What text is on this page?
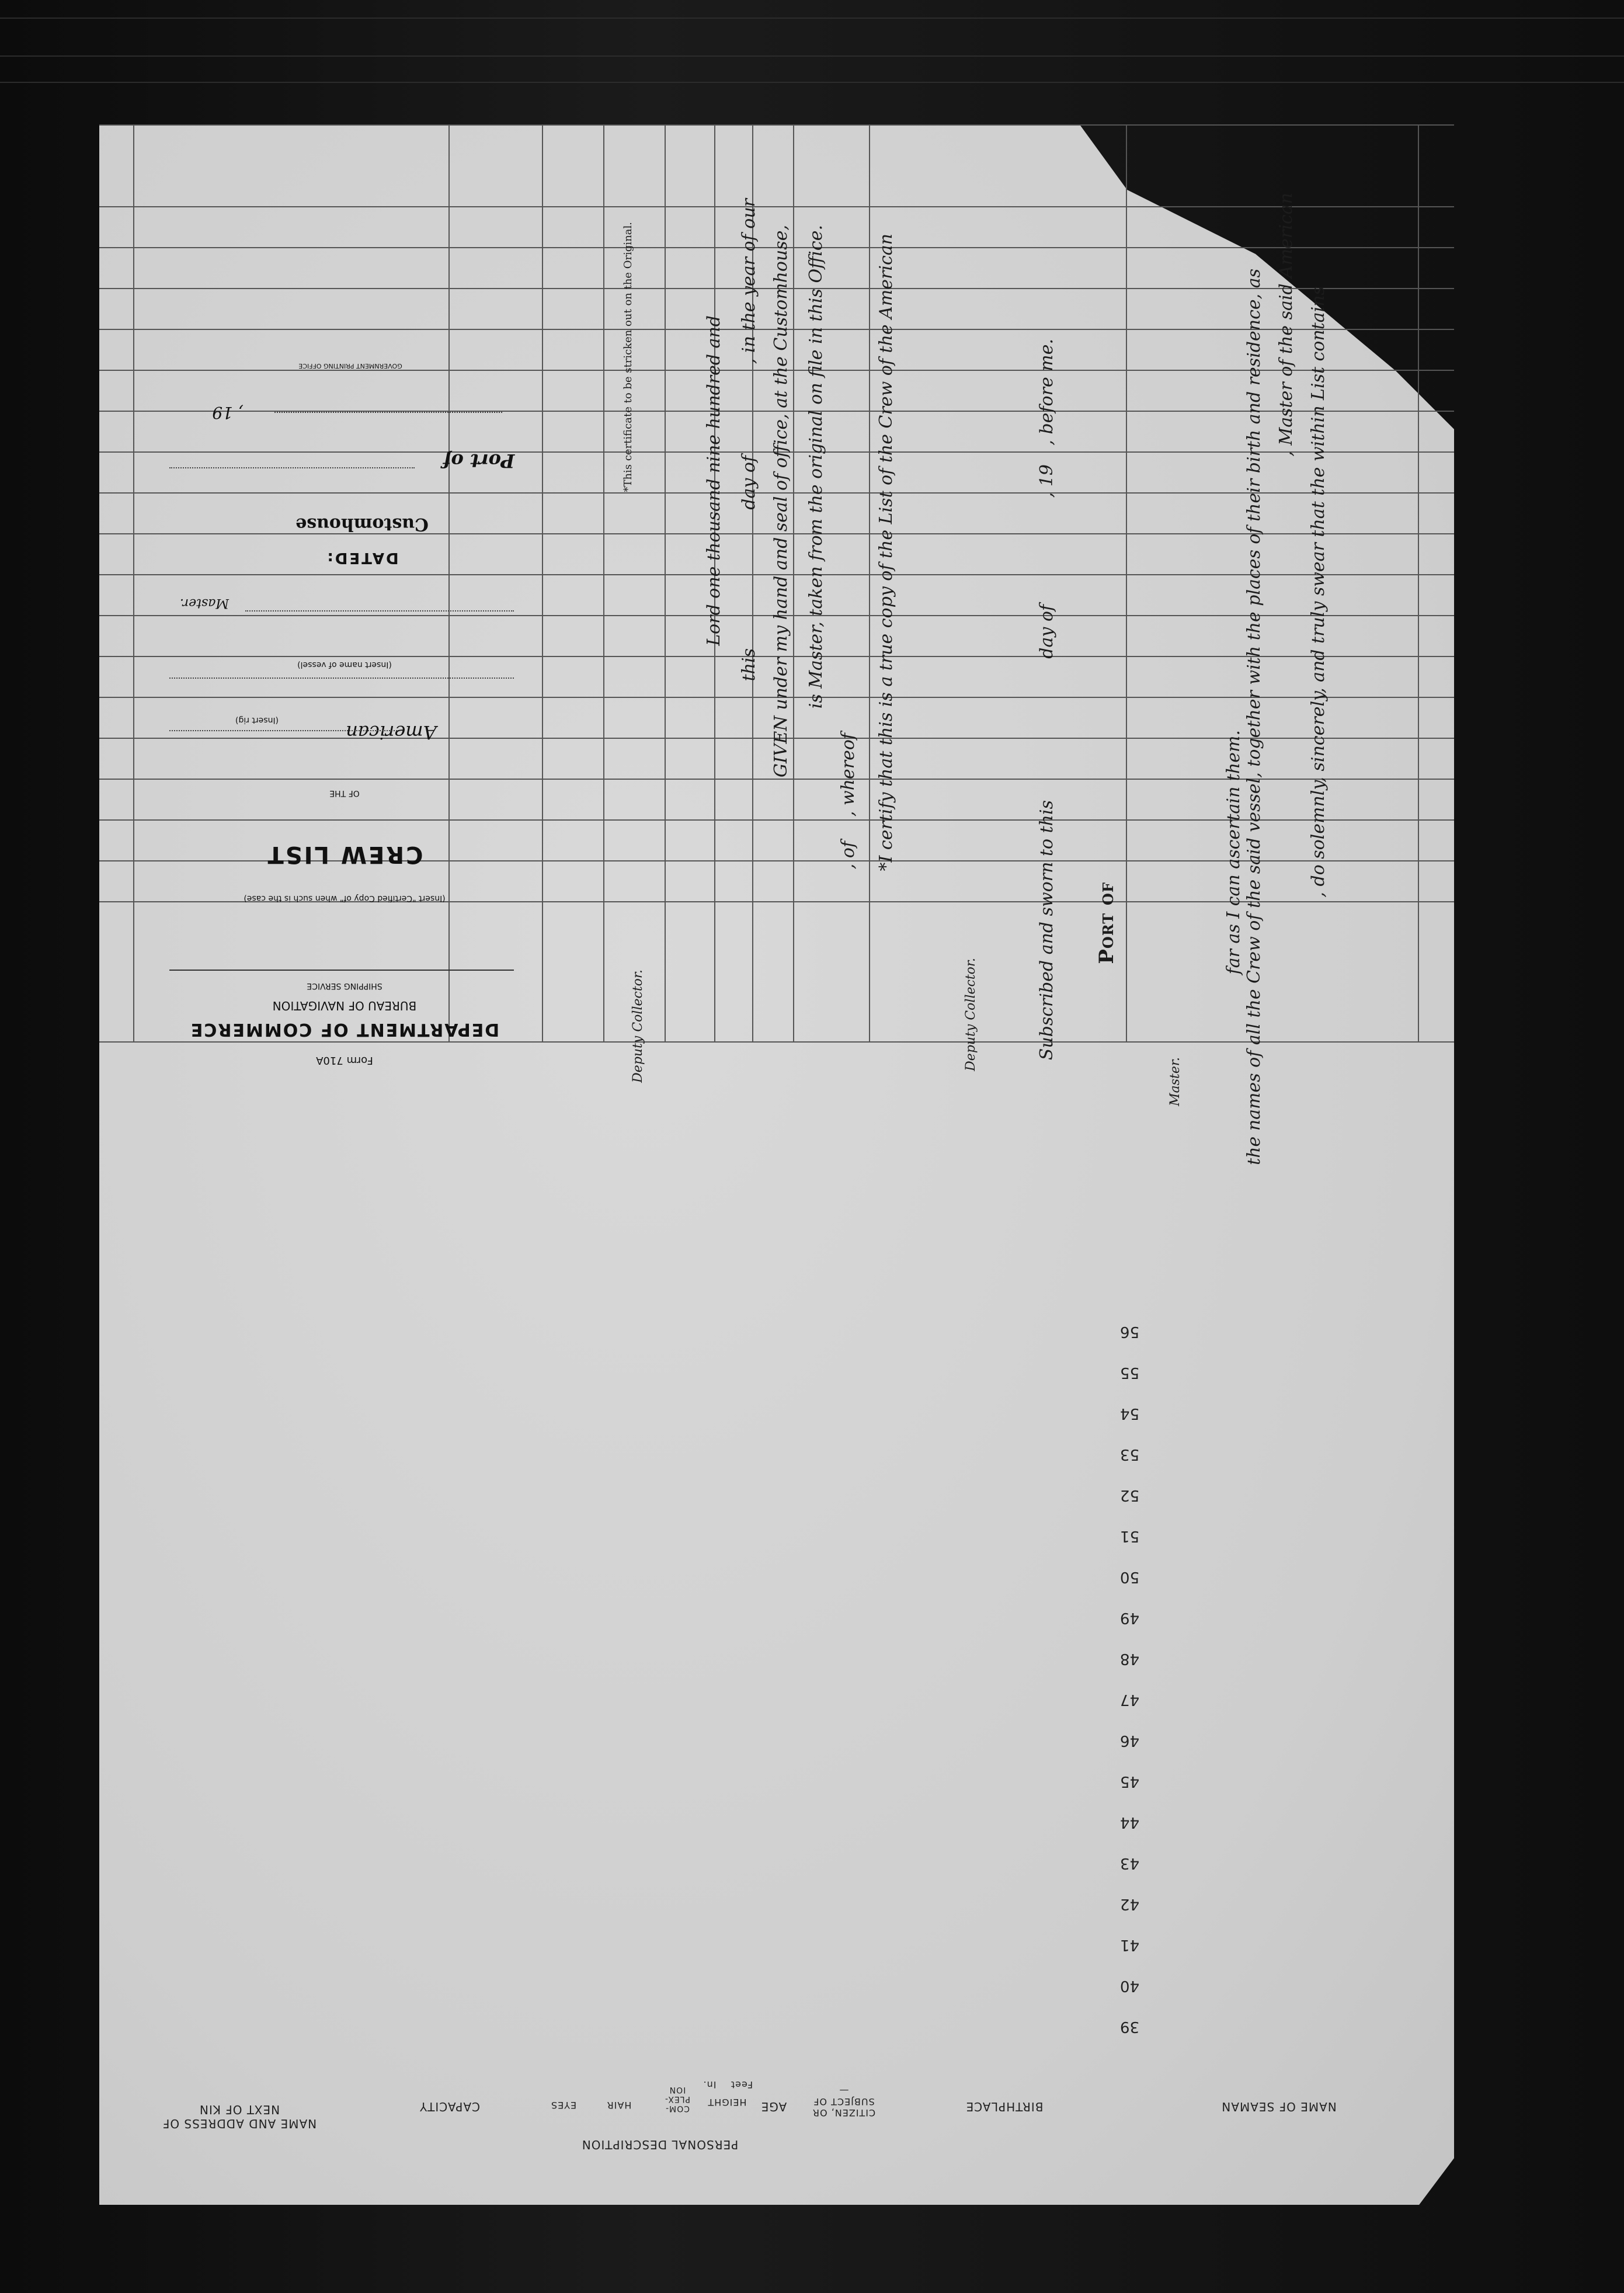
NAME OF SEAMAN
BIRTHPLACE
CITIZEN, OR SUBJECT OF—
PERSONAL DESCRIPTION
AGE
HEIGHT
Feet
In.
COM-PLEX-ION
HAIR
EYES
CAPACITY
NAME AND ADDRESS OF NEXT OF KIN
39
40
41
42
43
44
45
46
47
48
49
50
51
52
53
54
55
56
, Master of the said American , do solemnly, sincerely, and truly swear that the within List contains
the names of all the Crew of the said vessel, together with the places of their birth and residence, as
far as I can ascertain them.
Master.
Port of
Subscribed and sworn to this
day of
, 19
, before me.
Deputy Collector.
*I certify that this is a true copy of the List of the Crew of the American
, of
, whereof
is Master, taken from the original on file in this Office.
GIVEN under my hand and seal of office, at the Customhouse,
this
day of
, in the year of our
Lord one thousand nine hundred and
Deputy Collector.
*This certificate to be stricken out on the Original.
Form 710A
DEPARTMENT OF COMMERCE
BUREAU OF NAVIGATION
SHIPPING SERVICE
(Insert "Certified Copy of" when such is the case)
CREW LIST
OF THE
American
(Insert rig)
(Insert name of vessel)
Master.
DATED:
Customhouse
Port of
, 19
GOVERNMENT PRINTING OFFICE
